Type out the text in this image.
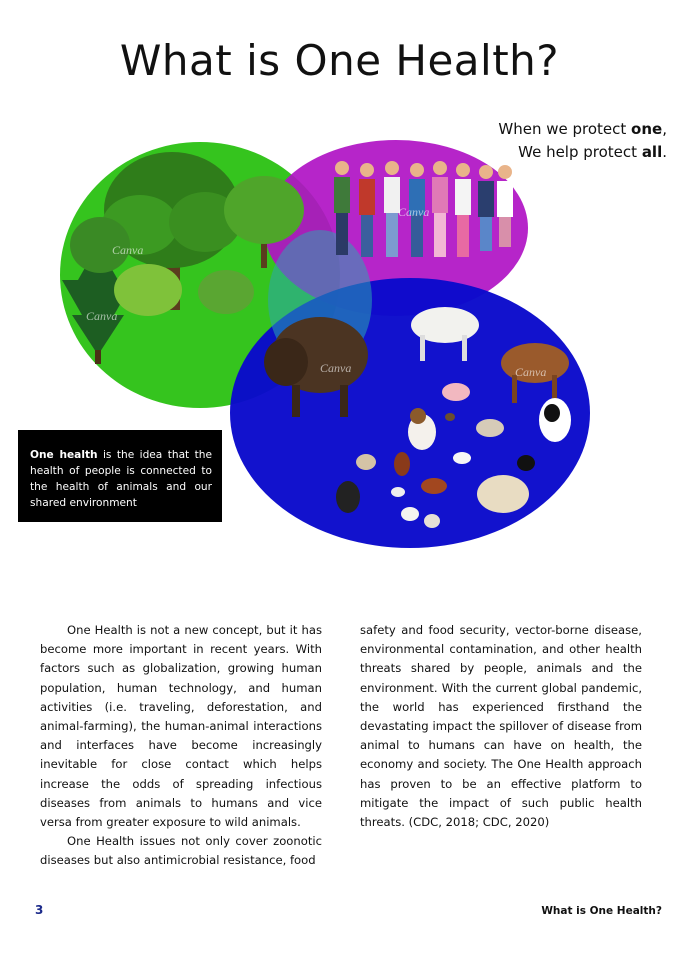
What is One Health?
When we protect one,
We help protect all.
Canva
Canva
Canva	Canva
Canva
One health is the idea that the health of people is connected to the health of animals and our shared environment

One Health is not a new concept, but it has become more important in recent years. With factors such as globalization, growing human population, human technology, and human activities (i.e. traveling, deforestation, and animal-farming), the human-animal interactions and interfaces have become increasingly inevitable for close contact which helps increase the odds of spreading infectious diseases from animals to humans and vice versa from greater exposure to wild animals.

One Health issues not only cover zoonotic diseases but also antimicrobial resistance, food

safety and food security, vector-borne disease, environmental contamination, and other health threats shared by people, animals and the environment. With the current global pandemic, the world has experienced firsthand the devastating impact the spillover of disease from animal to humans can have on health, the economy and society. The One Health approach has proven to be an effective platform to mitigate the impact of such public health threats. (CDC, 2018; CDC, 2020)

3	What is One Health?
